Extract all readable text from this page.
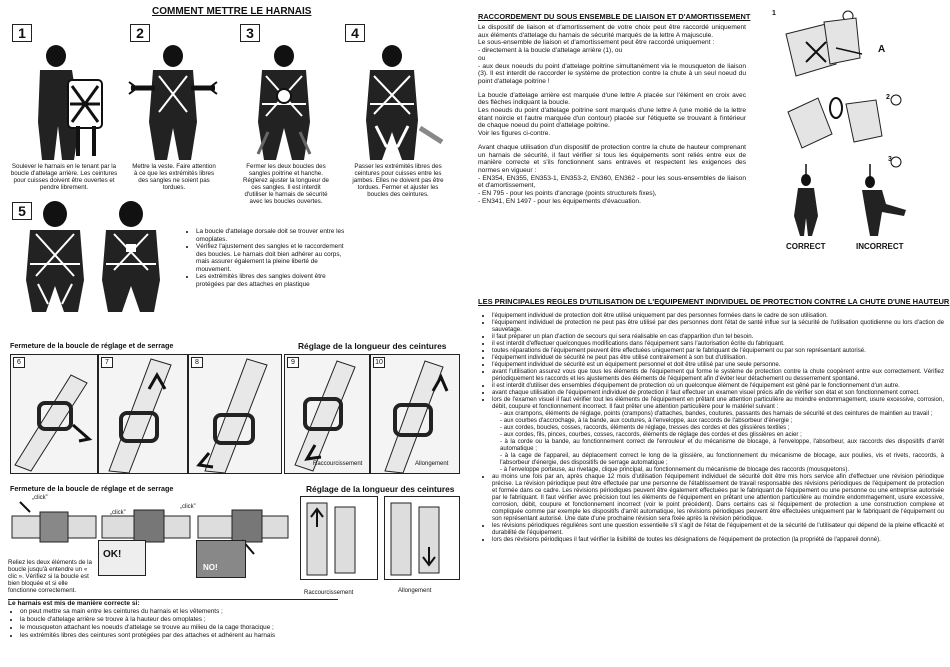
COMMENT METTRE LE HARNAIS
1	2	3	4
5
Soulever le harnais en le tenant par la boucle d'attelage arrière. Les ceintures pour cuisses doivent être ouvertes et pendre librement.
Mettre la veste. Faire attention à ce que les extrémités libres des sangles ne soient pas tordues.
Fermer les deux boucles des sangles poitrine et hanche. Réglerez ajuster la longueur de ces sangles. Il est interdit d'utiliser le harnais de sécurité avec les boucles ouvertes.
Passer les extrémités libres des ceintures pour cuisses entre les jambes. Elles ne doivent pas être tordues. Fermer et ajuster les boucles des ceintures.
• La boucle d'attelage dorsale doit se trouver entre les omoplates.
• Vérifiez l'ajustement des sangles et le raccordement des boucles. Le harnais doit bien adhérer au corps, mais assurer également la pleine liberté de mouvement.
• Les extrémités libres des sangles doivent être protégées par des attaches en plastique
Fermeture de la boucle de réglage et de serrage	Réglage de la longueur des ceintures
6	7	8	9
Raccourcissement
10
Allongement
Fermeture de la boucle de réglage et de serrage	Réglage de la longueur des ceintures
„click”
„click”
„click”
Reliez les deux éléments de la boucle jusqu'à entendre un « clic ». Vérifiez si la boucle est bien bloquée et si elle fonctionne correctement.
OK!
NO!
Raccourcissement	Allongement
Le harnais est mis de manière correcte si:
• on peut mettre sa main entre les ceintures du harnais et les vêtements ;
• la boucle d'attelage arrière se trouve à la hauteur des omoplates ;
• le mousqueton attachant les noeuds d'attelage se trouve au milieu de la cage thoracique ;
• les extrémités libres des ceintures sont protégées par des attaches et adhérent au harnais
RACCORDEMENT DU SOUS ENSEMBLE DE LIAISON ET D'AMORTISSEMENT

Le dispositif de liaison et d'amortissement de votre choix peut être raccordé uniquement aux éléments d'attelage du harnais de sécurité marqués de la lettre A majuscule.

Le sous-ensemble de liaison et d'amortissement peut être raccordé uniquement :

- directement à la boucle d'attelage arrière (1), ou

ou

- aux deux noeuds du point d'attelage poitrine simultanément via le mousqueton de liaison (3). Il est interdit de raccorder le système de protection contre la chute à un seul noeud du point d'attelage poitrine !

La boucle d'attelage arrière est marquée d'une lettre A placée sur l'élément en croix avec des flèches indiquant la boucle.

Les noeuds du point d'attelage poitrine sont marqués d'une lettre A (une moitié de la lettre étant noircie et l'autre marquée d'un contour) placée sur l'étiquette se trouvant à l'intérieur de chaque noeud du point d'attelage poitrine.

Voir les figures ci-contre.

Avant chaque utilisation d'un dispositif de protection contre la chute de hauteur comprenant un harnais de sécurité, il faut vérifier si tous les équipements sont reliés entre eux de manière correcte et s'ils fonctionnent sans entraves et respectent les exigences des normes en vigueur :

- EN354, EN355, EN353-1, EN353-2, EN360, EN362 - pour les sous-ensembles de liaison et d'amortissement,

- EN 795 - pour les points d'ancrage (points structurels fixes),

- EN341, EN 1497 - pour les équipements d'évacuation.

1
A
2
3
CORRECT	INCORRECT
LES PRINCIPALES REGLES D'UTILISATION DE L'EQUIPEMENT INDIVIDUEL DE PROTECTION CONTRE LA CHUTE D'UNE HAUTEUR
• l'équipement individuel de protection doit être utilisé uniquement par des personnes formées dans le cadre de son utilisation.
• l'équipement individuel de protection ne peut pas être utilisé par des personnes dont l'état de santé influe sur la sécurité de l'utilisation quotidienne ou lors d'action de sauvetage.
• il faut préparer un plan d'action de secours qui sera réalisable en cas d'apparition d'un tel besoin.
• il est interdit d'effectuer quelconques modifications dans l'équipement sans l'autorisation écrite du fabriquant.
• toutes réparations de l'équipement peuvent être effectuées uniquement par le fabriquant de l'équipement ou par son représentant autorisé.
• l'équipement individuel de sécurité ne peut pas être utilisé contrairement à son but d'utilisation.
• l'équipement individuel de sécurité est un équipement personnel et doit être utilisé par une seule personne.
• avant l'utilisation assurez vous que tous les éléments de l'équipement qui forme le système de protection contre la chute coopèrent entre eux correctement. Vérifiez périodiquement les raccords et les ajustements des éléments de l'équipement afin d'éviter leur détachement ou desserrement spontané.
• il est interdit d'utiliser des ensembles d'équipement de protection où un quelconque élément de l'équipement est gêné par le fonctionnement d'un autre.
• avant chaque utilisation de l'équipement individuel de protection il faut effectuer un examen visuel précis afin de vérifier son état et son fonctionnement correct.
• lors de l'examen visuel il faut vérifier tout les éléments de l'équipement en prêtant une attention particulière au moindre endommagement, usure excessive, corrosion, débit, coupure et fonctionnement incorrect. Il faut prêter une attention particulière pour le matériel suivant :
- aux crampons, éléments de réglage, points (crampons) d'attaches, bandes, coutures, passants des harnais de sécurité et des ceintures de maintien au travail ;
- aux courbes d'accrochage, à la bande, aux coutures, à l'enveloppe, aux raccords de l'absorbeur d'énergie ;
- aux cordes, boucles, cosses, raccords, éléments de réglage, tresses des cordes et des glissières textiles ;
- aux cordes, fils, pinces, courbes, cosses, raccords, éléments de réglage des cordes et des glissières en acier ;
- à la corde ou la bande, au fonctionnement correct de l'enrouleur et du mécanisme de blocage, à l'enveloppe, l'absorbeur, aux raccords des dispositifs d'arrêt automatique ;
- à la cage de l'appareil, au déplacement correct le long de la glissière, au fonctionnement du mécanisme de blocage, aux poulies, vis et rivets, raccords, à l'absorbeur d'énergie, des dispositifs de serrage automatique ;
- à l'enveloppe porteuse, au rivetage, clique principal, au fonctionnement du mécanisme de blocage des raccords (mousquetons).
• au moins une fois par an, après chaque 12 mois d'utilisation l'équipement individuel de sécurité doit être mis hors service afin d'effectuer une révision périodique précise. La révision périodique peut être effectuée par une personne de l'établissement de travail responsable des révisions périodiques de l'équipement de protection et formée dans ce cadre. Les révisions périodiques peuvent être également effectuées par le fabriquant de l'équipement ou une personne ou une entreprise autorisée par le fabriquant. Il faut vérifier avec précision tout les éléments de l'équipement en prêtant une attention particulière au moindre endommagement, usure excessive, corrosion, débit, coupure et fonctionnement incorrect (voir le point précédent). Dans certains cas si l'équipement de protection a une construction complexe et compliquée comme par exemple les dispositifs d'arrêt automatique, les révisions périodiques peuvent être effectuées uniquement par le fabriquant de l'équipement ou son représentant autorisé. Une date d'une prochaine révision sera fixée après la révision périodique.
• les révisions périodiques régulières sont une question essentielle s'il s'agit de l'état de l'équipement et de la sécurité de l'utilisateur qui dépend de la pleine efficacité et durabilité de l'équipement.
• lors des révisions périodiques il faut vérifier la lisibilité de toutes les désignations de l'équipement de protection (la propriété de l'appareil donné).
